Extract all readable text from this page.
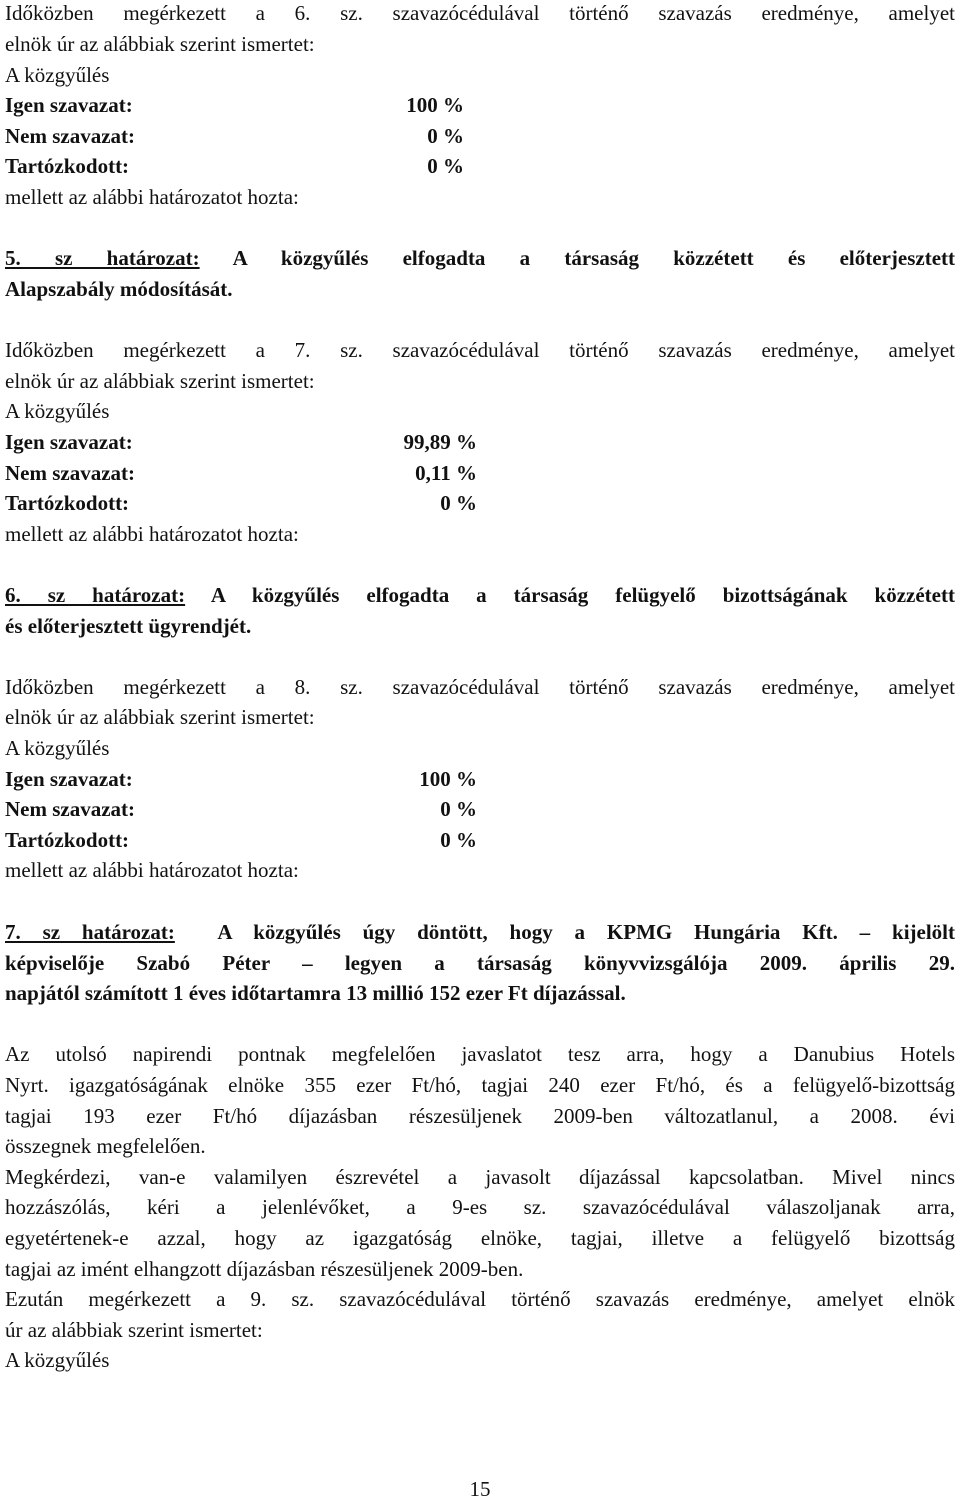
Időközben megérkezett a 6. sz. szavazócédulával történő szavazás eredménye, amelyet
elnök úr az alábbiak szerint ismertet:
A közgyűlés
Igen szavazat:	100 %
Nem szavazat:	0 %
Tartózkodott:	0 %
mellett az alábbi határozatot hozta:
5. sz határozat: A közgyűlés elfogadta a társaság közzétett és előterjesztett
Alapszabály módosítását.
Időközben megérkezett a 7. sz. szavazócédulával történő szavazás eredménye, amelyet
elnök úr az alábbiak szerint ismertet:
A közgyűlés
Igen szavazat:	99,89 %
Nem szavazat:	0,11 %
Tartózkodott:	0 %
mellett az alábbi határozatot hozta:
6. sz határozat: A közgyűlés elfogadta a társaság felügyelő bizottságának közzétett
és előterjesztett ügyrendjét.
Időközben megérkezett a 8. sz. szavazócédulával történő szavazás eredménye, amelyet
elnök úr az alábbiak szerint ismertet:
A közgyűlés
Igen szavazat:	100 %
Nem szavazat:	0 %
Tartózkodott:	0 %
mellett az alábbi határozatot hozta:
7. sz határozat:  A közgyűlés úgy döntött, hogy a KPMG Hungária Kft. – kijelölt
képviselője Szabó Péter – legyen a társaság könyvvizsgálója 2009. április 29.
napjától számított 1 éves időtartamra 13 millió 152 ezer Ft díjazással.
Az utolsó napirendi pontnak megfelelően javaslatot tesz arra, hogy a Danubius Hotels
Nyrt. igazgatóságának elnöke 355 ezer Ft/hó, tagjai 240 ezer Ft/hó, és a felügyelő-bizottság
tagjai 193 ezer Ft/hó díjazásban részesüljenek 2009-ben változatlanul, a 2008. évi
összegnek megfelelően.
Megkérdezi, van-e valamilyen észrevétel a javasolt díjazással kapcsolatban. Mivel nincs
hozzászólás, kéri a jelenlévőket, a 9-es sz. szavazócédulával válaszoljanak arra,
egyetértenek-e azzal, hogy az igazgatóság elnöke, tagjai, illetve a felügyelő bizottság
tagjai az imént elhangzott díjazásban részesüljenek 2009-ben.
Ezután megérkezett a 9. sz. szavazócédulával történő szavazás eredménye, amelyet elnök
úr az alábbiak szerint ismertet:
A közgyűlés
15
